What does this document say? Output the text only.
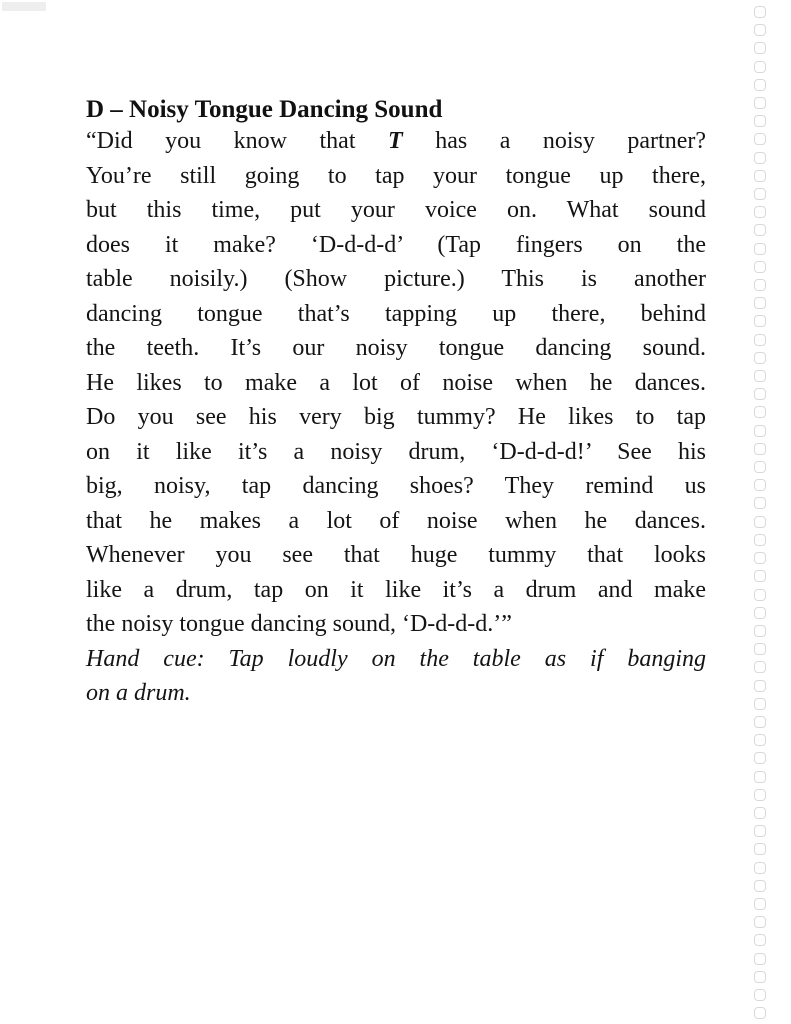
D – Noisy Tongue Dancing Sound
“Did you know that T has a noisy partner?
You’re still going to tap your tongue up there,
but this time, put your voice on. What sound
does it make? ‘D-d-d-d’ (Tap fingers on the
table noisily.) (Show picture.) This is another
dancing tongue that’s tapping up there, behind
the teeth. It’s our noisy tongue dancing sound.
He likes to make a lot of noise when he dances.
Do you see his very big tummy? He likes to tap
on it like it’s a noisy drum, ‘D-d-d-d!’ See his
big, noisy, tap dancing shoes? They remind us
that he makes a lot of noise when he dances.
Whenever you see that huge tummy that looks
like a drum, tap on it like it’s a drum and make
the noisy tongue dancing sound, ‘D-d-d-d.’”
Hand cue: Tap loudly on the table as if banging
on a drum.
